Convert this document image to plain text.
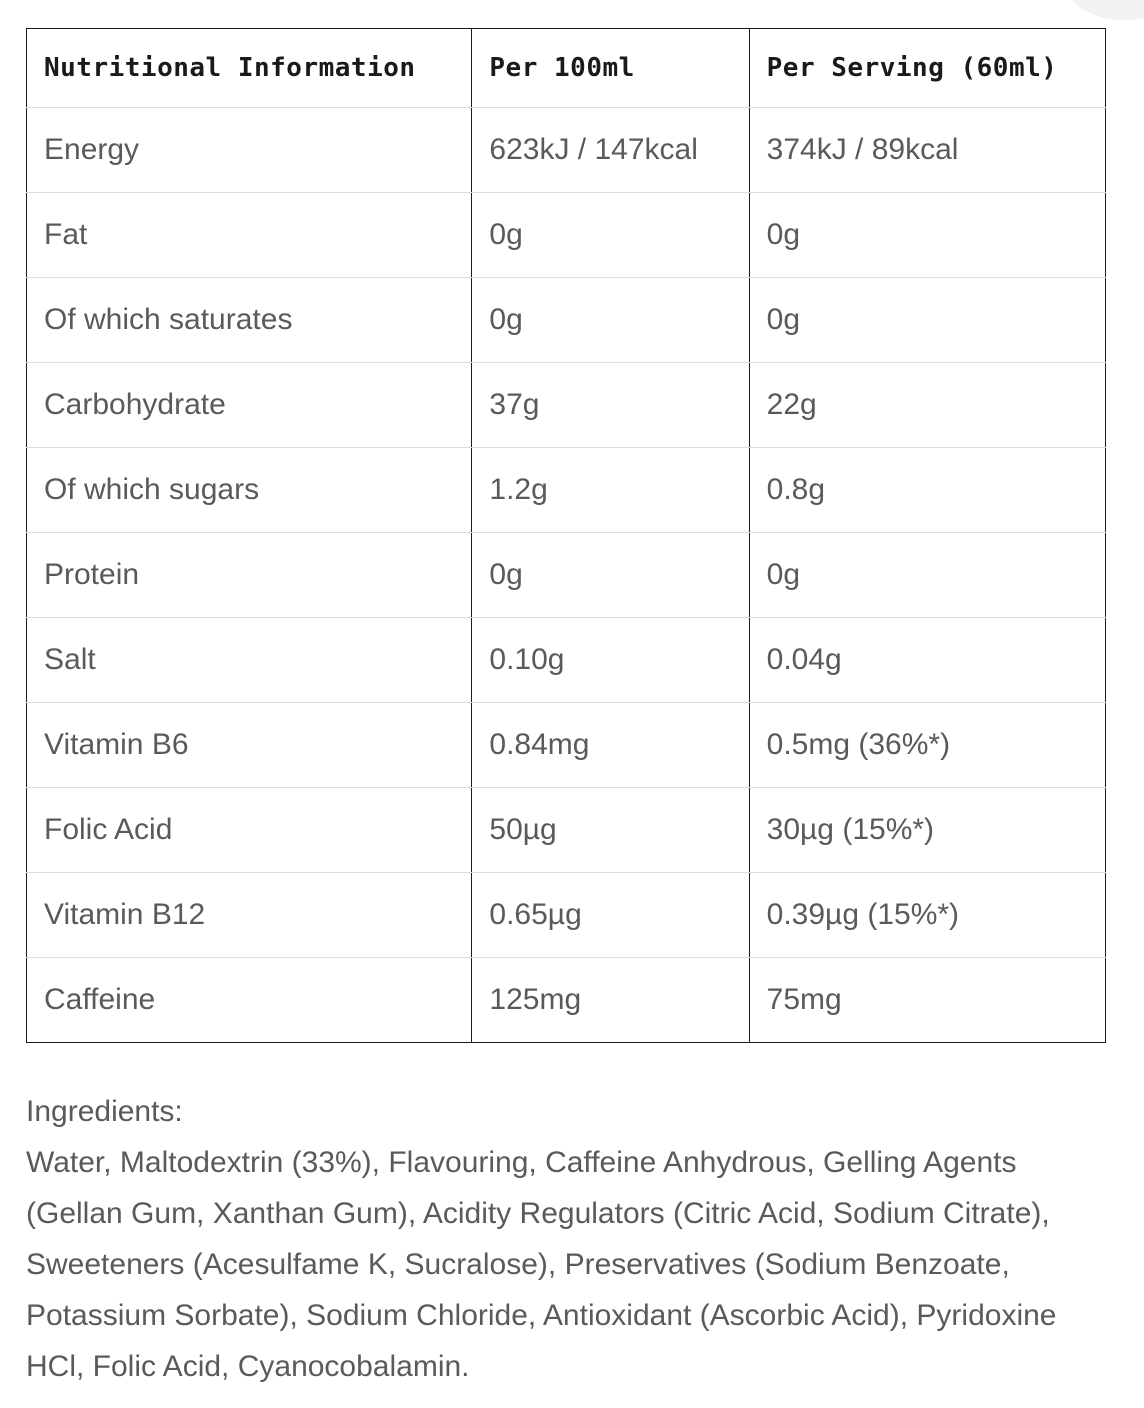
Nutritional Information	Per 100ml	Per Serving (60ml)
Energy	623kJ / 147kcal	374kJ / 89kcal
Fat	0g	0g
Of which saturates	0g	0g
Carbohydrate	37g	22g
Of which sugars	1.2g	0.8g
Protein	0g	0g
Salt	0.10g	0.04g
Vitamin B6	0.84mg	0.5mg (36%*)
Folic Acid	50µg	30µg (15%*)
Vitamin B12	0.65µg	0.39µg (15%*)
Caffeine	125mg	75mg
Ingredients:
Water, Maltodextrin (33%), Flavouring, Caffeine Anhydrous, Gelling Agents (Gellan Gum, Xanthan Gum), Acidity Regulators (Citric Acid, Sodium Citrate), Sweeteners (Acesulfame K, Sucralose), Preservatives (Sodium Benzoate, Potassium Sorbate), Sodium Chloride, Antioxidant (Ascorbic Acid), Pyridoxine HCl, Folic Acid, Cyanocobalamin.
